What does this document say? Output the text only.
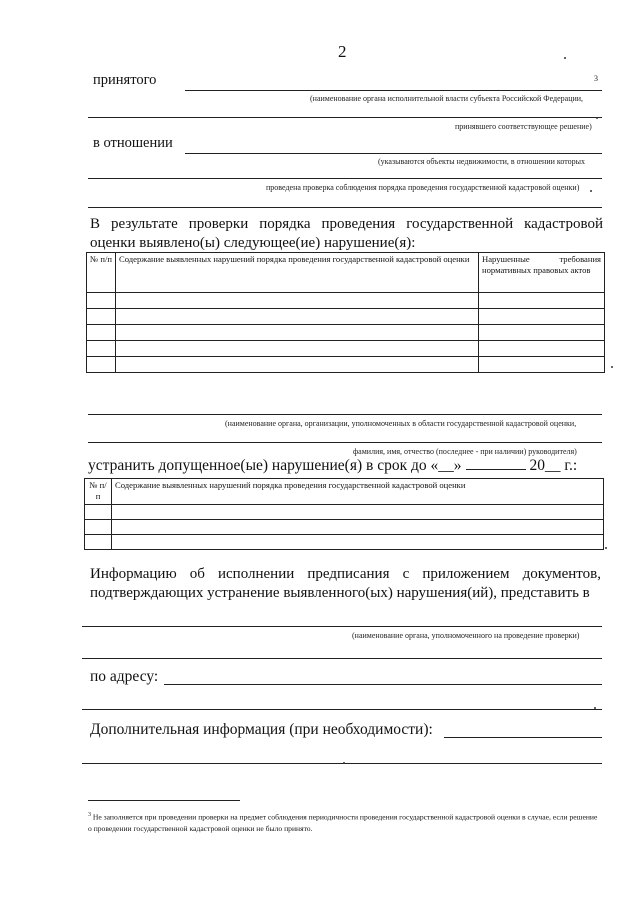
2
принятого	3
(наименование органа исполнительной власти субъекта Российской Федерации,
принявшего соответствующее решение)
в отношении
(указываются объекты недвижимости, в отношении которых
проведена проверка соблюдения порядка проведения государственной кадастровой оценки)
В результате проверки порядка проведения государственной кадастровой оценки выявлено(ы) следующее(ие) нарушение(я):
№ п/п	Содержание выявленных нарушений порядка проведения государственной кадастровой оценки	Нарушенные требования нормативных правовых актов

(наименование органа, организации, уполномоченных в области государственной кадастровой оценки,
фамилия, имя, отчество (последнее - при наличии) руководителя)
устранить допущенное(ые) нарушение(я) в срок до «__»	20__ г.:
№ п/п	Содержание выявленных нарушений порядка проведения государственной кадастровой оценки

Информацию об исполнении предписания с приложением документов, подтверждающих устранение выявленного(ых) нарушения(ий), представить в
(наименование органа, уполномоченного на проведение проверки)
по адресу:
Дополнительная информация (при необходимости):
$^3$ Не заполняется при проведении проверки на предмет соблюдения периодичности проведения государственной кадастровой оценки в случае, если решение о проведении государственной кадастровой оценки не было принято.
